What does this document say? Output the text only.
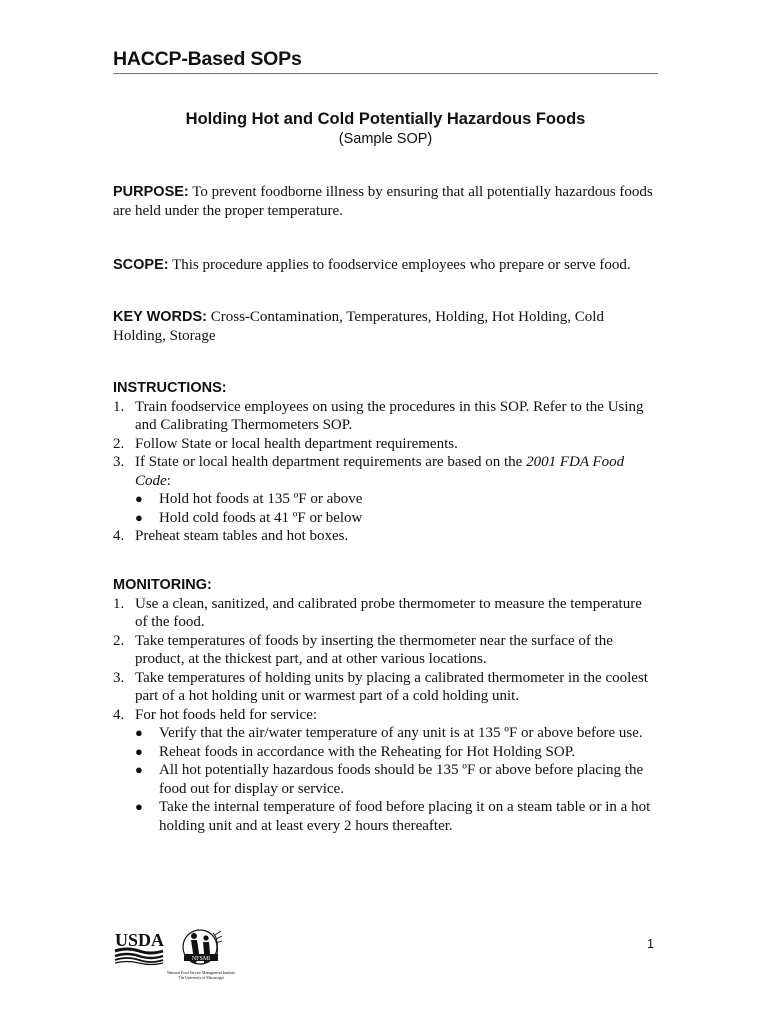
HACCP-Based SOPs

Holding Hot and Cold Potentially Hazardous Foods

(Sample SOP)

PURPOSE: To prevent foodborne illness by ensuring that all potentially hazardous foods are held under the proper temperature.
SCOPE: This procedure applies to foodservice employees who prepare or serve food.
KEY WORDS: Cross-Contamination, Temperatures, Holding, Hot Holding, Cold Holding, Storage
INSTRUCTIONS:
1. Train foodservice employees on using the procedures in this SOP. Refer to the Using and Calibrating Thermometers SOP.
2. Follow State or local health department requirements.
3. If State or local health department requirements are based on the 2001 FDA Food Code:
● Hold hot foods at 135 ºF or above
● Hold cold foods at 41 ºF or below
4. Preheat steam tables and hot boxes.
MONITORING:
1. Use a clean, sanitized, and calibrated probe thermometer to measure the temperature of the food.
2. Take temperatures of foods by inserting the thermometer near the surface of the product, at the thickest part, and at other various locations.
3. Take temperatures of holding units by placing a calibrated thermometer in the coolest part of a hot holding unit or warmest part of a cold holding unit.
4. For hot foods held for service:
● Verify that the air/water temperature of any unit is at 135 ºF or above before use.
● Reheat foods in accordance with the Reheating for Hot Holding SOP.
● All hot potentially hazardous foods should be 135 ºF or above before placing the food out for display or service.
● Take the internal temperature of food before placing it on a steam table or in a hot holding unit and at least every 2 hours thereafter.
USDA
NFSMI
National Food Service Management Institute
The University of Mississippi
1
